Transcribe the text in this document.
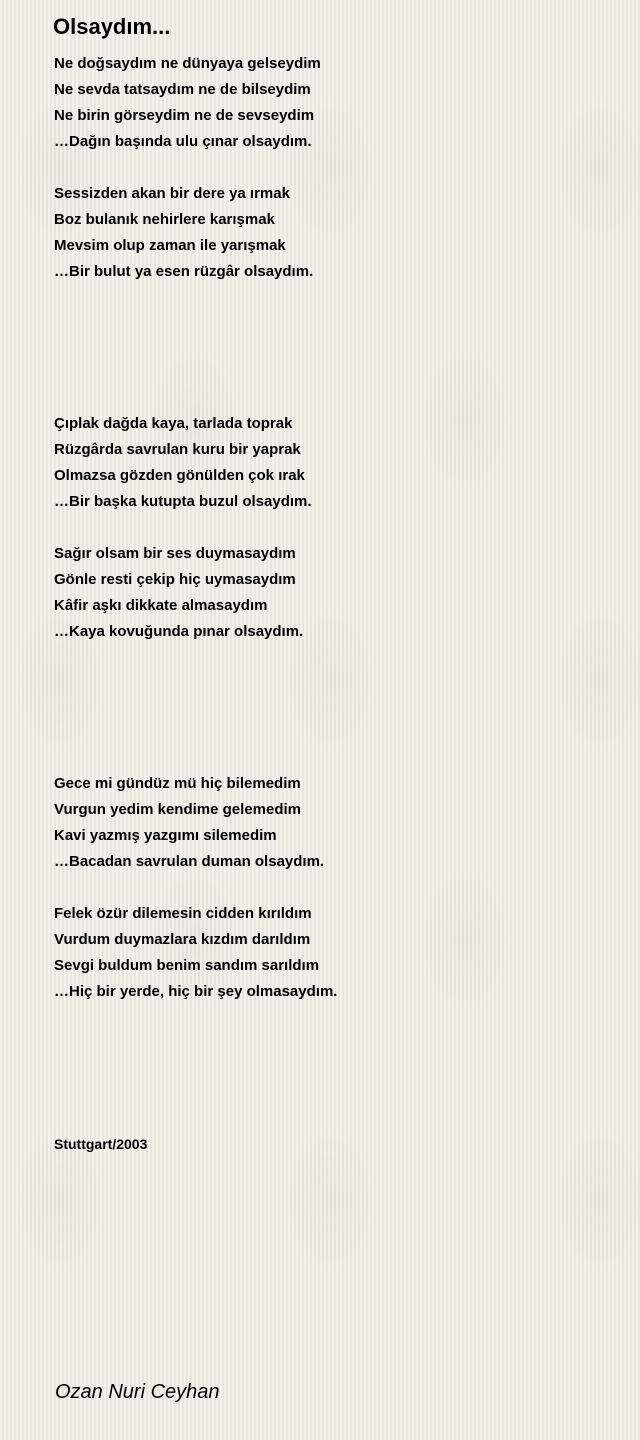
Olsaydım...
Ne doğsaydım ne dünyaya gelseydim
Ne sevda tatsaydım ne de bilseydim
Ne birin görseydim ne de sevseydim
…Dağın başında ulu çınar olsaydım.
Sessizden akan bir dere ya ırmak
Boz bulanık nehirlere karışmak
Mevsim olup zaman ile yarışmak
…Bir bulut ya esen rüzgâr olsaydım.
Çıplak dağda kaya, tarlada toprak
Rüzgârda savrulan kuru bir yaprak
Olmazsa gözden gönülden çok ırak
…Bir başka kutupta buzul olsaydım.
Sağır olsam bir ses duymasaydım
Gönle resti çekip hiç uymasaydım
Kâfir aşkı dikkate almasaydım
…Kaya kovuğunda pınar olsaydım.
Gece mi gündüz mü hiç bilemedim
Vurgun yedim kendime gelemedim
Kavi yazmış yazgımı silemedim
…Bacadan savrulan duman olsaydım.
Felek özür dilemesin cidden kırıldım
Vurdum duymazlara kızdım darıldım
Sevgi buldum benim sandım sarıldım
…Hiç bir yerde, hiç bir şey olmasaydım.
Stuttgart/2003
Ozan Nuri Ceyhan
